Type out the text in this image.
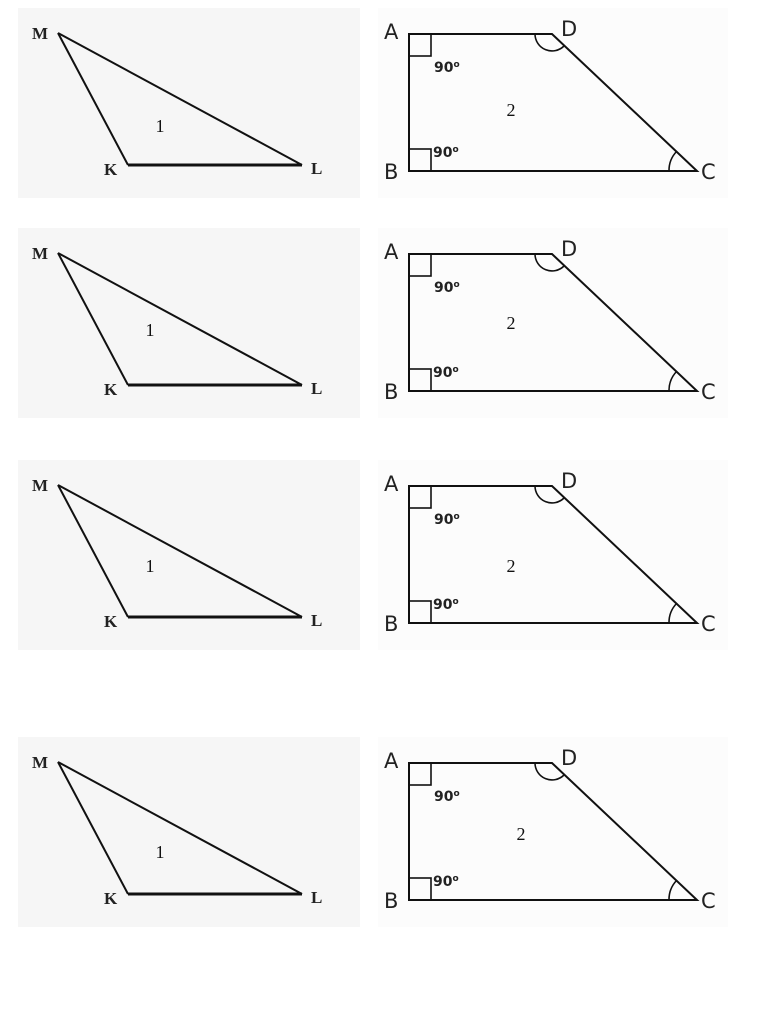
M
K	L
1
90$^o$
90$^o$
A
B	C
D
2
M
K	L
1
90$^o$
90$^o$
A
B	C
D
2
M
K	L
1
90$^o$
90$^o$
A
B	C
D
2
M
K	L
1
90$^o$
90$^o$
A
B	C
D
2
